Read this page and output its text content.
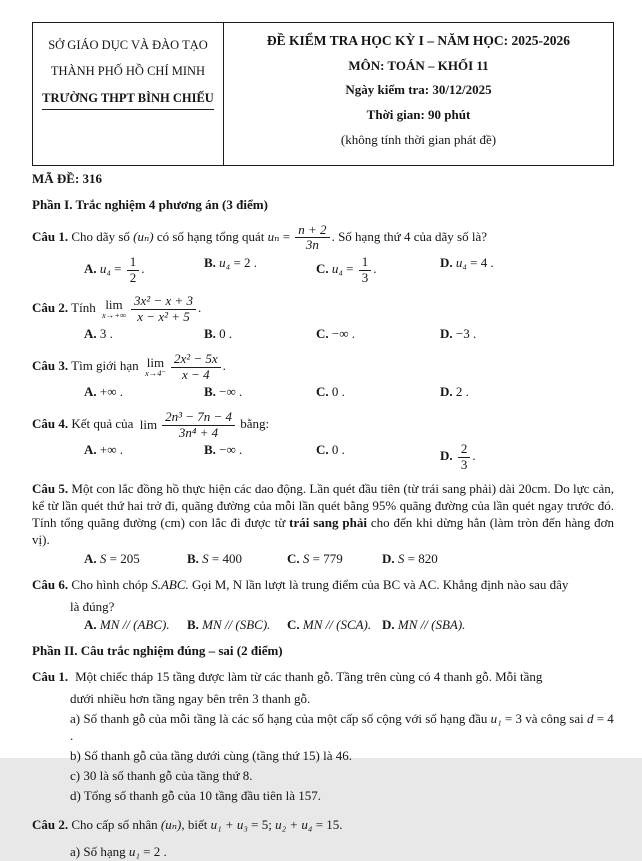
SỞ GIÁO DỤC VÀ ĐÀO TẠO
THÀNH PHỐ HỒ CHÍ MINH
TRƯỜNG THPT BÌNH CHIẾU
ĐỀ KIỂM TRA HỌC KỲ I – NĂM HỌC: 2025-2026
MÔN: TOÁN – KHỐI 11
Ngày kiểm tra: 30/12/2025
Thời gian: 90 phút
(không tính thời gian phát đề)
MÃ ĐỀ: 316
Phần I. Trắc nghiệm 4 phương án (3 điểm)
Câu 1. Cho dãy số (uₙ) có số hạng tổng quát $u_n = \frac{n + 2}{3n}$ . Số hạng thứ 4 của dãy số là?
A. $u_4 = \frac{1}{2}$ .	B. u₄ = 2 .	C. $u_4 = \frac{1}{3}$ .	D. u₄ = 4 .
Câu 2. Tính lim
$x\to+\infty \frac{\text{3x² − x + 3}}{\text{x − x² + 5}}$ .
A. 3 .	B. 0 .	C. −∞ .	D. −3 .
Câu 3. Tìm giới hạn lim
$x\to 4^- \frac{\text{2x² − 5x}}{x - 4}$ .
A. +∞ .	B. −∞ .	C. 0 .	D. 2 .
Câu 4. Kết quả của $\lim \frac{\text{2n³ − 7n − 4}}{\text{3n⁴ + 4}}$ bằng:
A. +∞ .	B. −∞ .	C. 0 .	D. $\frac{2}{3}$ .
Câu 5. Một con lắc đồng hồ thực hiện các dao động. Lần quét đầu tiên (từ trái sang phải) dài 20cm. Do lực cản, kể từ lần quét thứ hai trở đi, quãng đường của mỗi lần quét bằng 95% quãng đường của lần quét ngay trước đó. Tính tổng quãng đường (cm) con lắc đi được từ trái sang phải cho đến khi dừng hẳn (làm tròn đến hàng đơn vị).
A. S = 205	B. S = 400	C. S = 779	D. S = 820
Câu 6. Cho hình chóp S.ABC. Gọi M, N lần lượt là trung điểm của BC và AC. Khẳng định nào sau đây
là đúng?
A. MN // (ABC).	B. MN // (SBC).	C. MN // (SCA). D. MN // (SBA).
Phần II. Câu trắc nghiệm đúng – sai (2 điểm)
Câu 1. Một chiếc tháp 15 tầng được làm từ các thanh gỗ. Tầng trên cùng có 4 thanh gỗ. Mỗi tầng
dưới nhiều hơn tầng ngay bên trên 3 thanh gỗ.
a) Số thanh gỗ của mỗi tầng là các số hạng của một cấp số cộng với số hạng đầu u₁ = 3 và công sai d = 4 .
b) Số thanh gỗ của tầng dưới cùng (tầng thứ 15) là 46.
c) 30 là số thanh gỗ của tầng thứ 8.
d) Tổng số thanh gỗ của 10 tầng đầu tiên là 157.
Câu 2. Cho cấp số nhân (uₙ), biết u₁ + u₃ = 5; u₂ + u₄ = 15.
a) Số hạng u₁ = 2 .
